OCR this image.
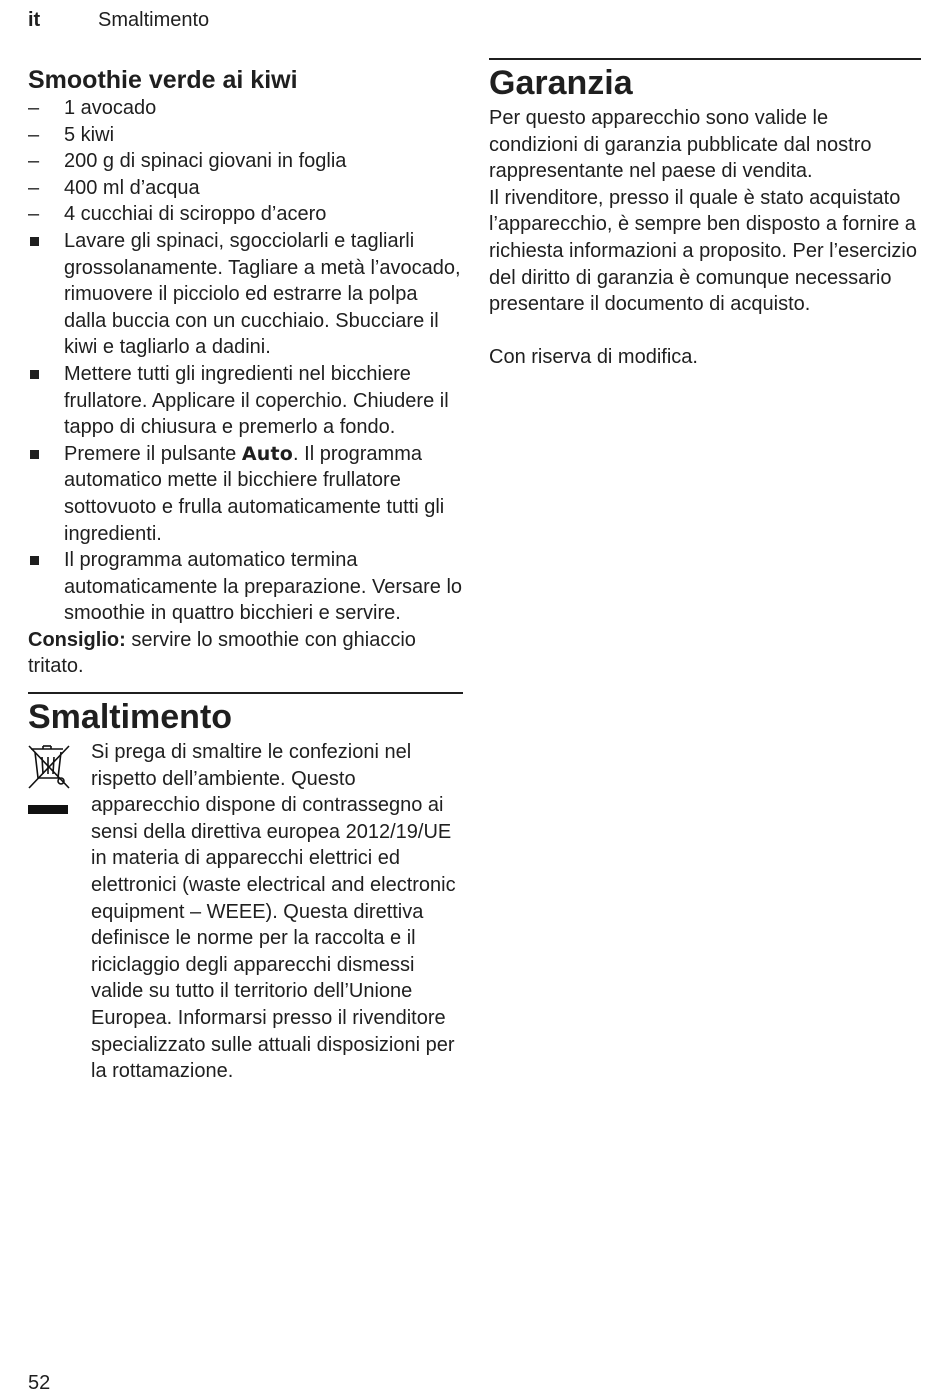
it	Smaltimento
Smoothie verde ai kiwi
–	1 avocado
–	5 kiwi
–	200 g di spinaci giovani in foglia
–	400 ml d’acqua
–	4 cucchiai di sciroppo d’acero
Lavare gli spinaci, sgocciolarli e tagliarli grossolanamente. Tagliare a metà l’avocado, rimuovere il picciolo ed estrarre la polpa dalla buccia con un cucchiaio. Sbucciare il kiwi e tagliarlo a dadini.
Mettere tutti gli ingredienti nel bicchiere frullatore. Applicare il coperchio. Chiudere il tappo di chiusura e premerlo a fondo.
Premere il pulsante Auto. Il programma automatico mette il bicchiere frullatore sottovuoto e frulla automaticamente tutti gli ingredienti.
Il programma automatico termina automaticamente la preparazione. Versare lo smoothie in quattro bicchieri e servire.

Consiglio: servire lo smoothie con ghiaccio tritato.

Smaltimento

Si prega di smaltire le confezioni nel rispetto dell’ambiente. Questo apparecchio dispone di contrassegno ai sensi della direttiva europea 2012/19/UE in materia di apparecchi elettrici ed elettronici (waste electrical and electronic equipment – WEEE). Questa direttiva definisce le norme per la raccolta e il riciclaggio degli apparecchi dismessi valide su tutto il territorio dell’Unione Europea. Informarsi presso il rivenditore specializzato sulle attuali disposizioni per la rottamazione.

Garanzia

Per questo apparecchio sono valide le condizioni di garanzia pubblicate dal nostro rappresentante nel paese di vendita.

Il rivenditore, presso il quale è stato acquistato l’apparecchio, è sempre ben disposto a fornire a richiesta informazioni a proposito. Per l’esercizio del diritto di garanzia è comunque necessario presentare il documento di acquisto.

Con riserva di modifica.

52
